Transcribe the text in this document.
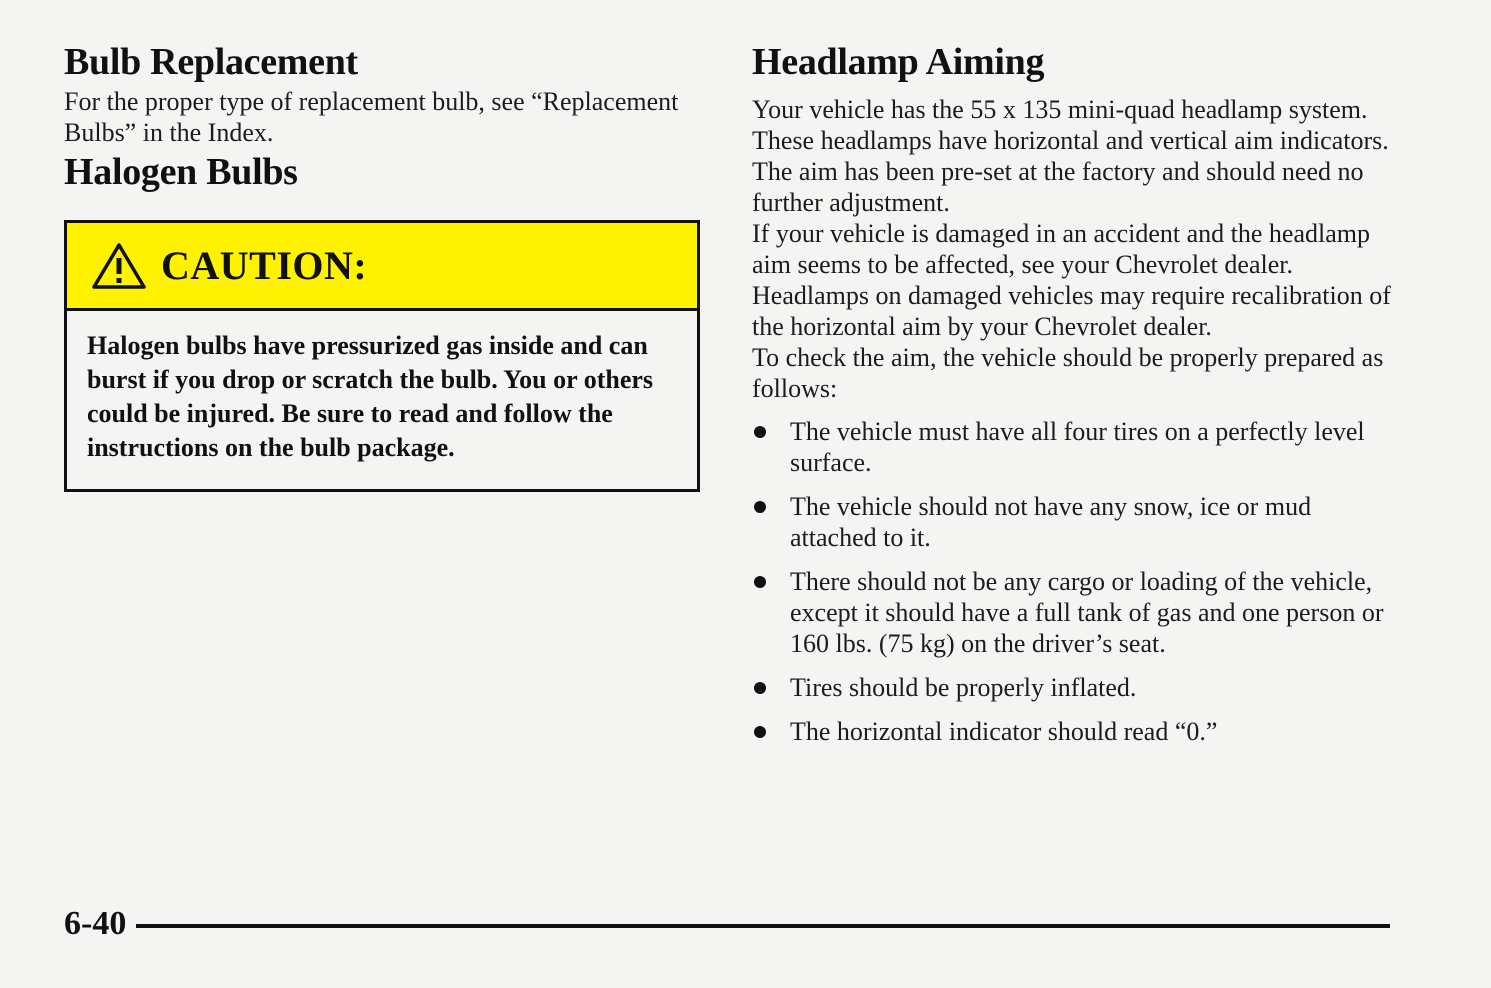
Bulb Replacement

For the proper type of replacement bulb, see “Replacement Bulbs” in the Index.

Halogen Bulbs
CAUTION:
Halogen bulbs have pressurized gas inside and can burst if you drop or scratch the bulb. You or others could be injured. Be sure to read and follow the instructions on the bulb package.
Headlamp Aiming

Your vehicle has the 55 x 135 mini-quad headlamp system. These headlamps have horizontal and vertical aim indicators. The aim has been pre-set at the factory and should need no further adjustment.

If your vehicle is damaged in an accident and the headlamp aim seems to be affected, see your Chevrolet dealer. Headlamps on damaged vehicles may require recalibration of the horizontal aim by your Chevrolet dealer.

To check the aim, the vehicle should be properly prepared as follows:

The vehicle must have all four tires on a perfectly level surface.
The vehicle should not have any snow, ice or mud attached to it.
There should not be any cargo or loading of the vehicle, except it should have a full tank of gas and one person or 160 lbs. (75 kg) on the driver’s seat.
Tires should be properly inflated.
The horizontal indicator should read “0.”
6-40
